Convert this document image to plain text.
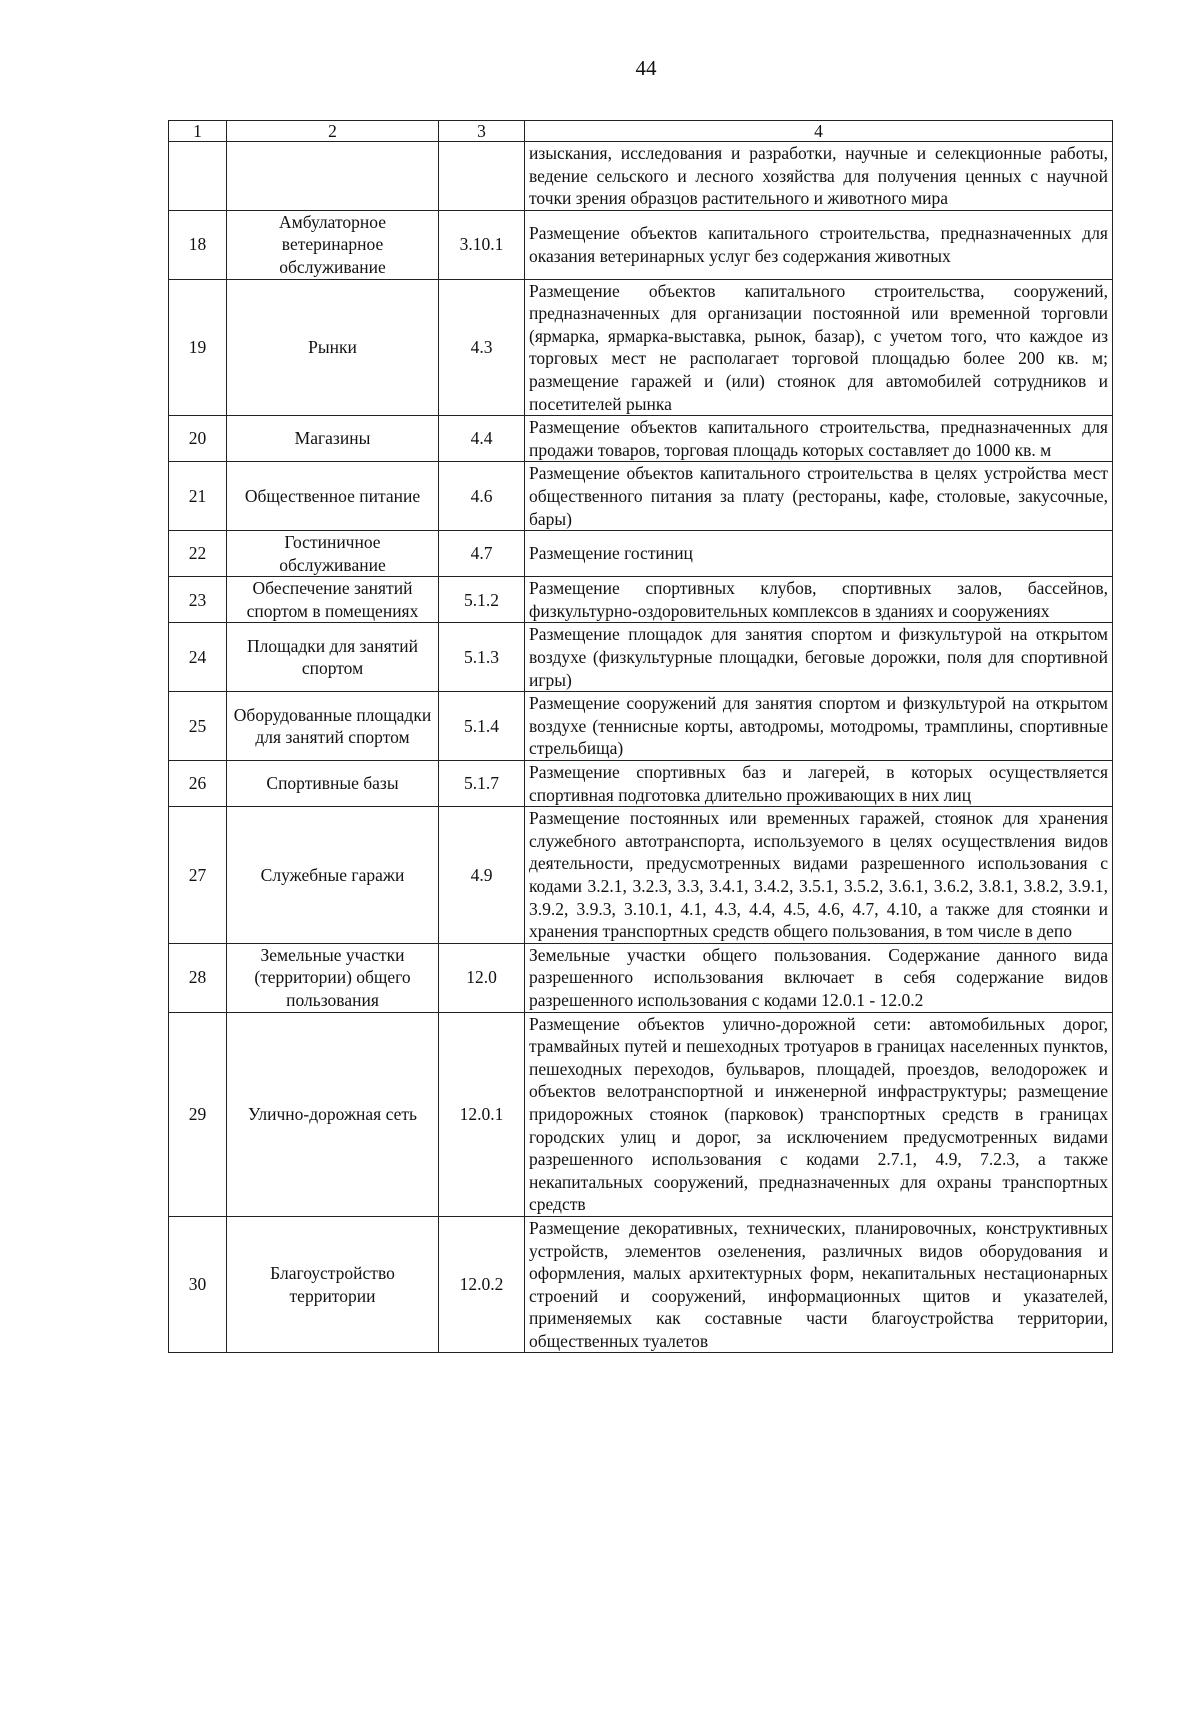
44
1	2	3	4
			изыскания, исследования и разработки, научные и селекционные работы, ведение сельского и лесного хозяйства для получения ценных с научной точки зрения образцов растительного и животного мира
18	Амбулаторное ветеринарное обслуживание	3.10.1	Размещение объектов капитального строительства, предназначенных для оказания ветеринарных услуг без содержания животных
19	Рынки	4.3	Размещение объектов капитального строительства, сооружений, предназначенных для организации постоянной или временной торговли (ярмарка, ярмарка-выставка, рынок, базар), с учетом того, что каждое из торговых мест не располагает торговой площадью более 200 кв. м; размещение гаражей и (или) стоянок для автомобилей сотрудников и посетителей рынка
20	Магазины	4.4	Размещение объектов капитального строительства, предназначенных для продажи товаров, торговая площадь которых составляет до 1000 кв. м
21	Общественное питание	4.6	Размещение объектов капитального строительства в целях устройства мест общественного питания за плату (рестораны, кафе, столовые, закусочные, бары)
22	Гостиничное обслуживание	4.7	Размещение гостиниц
23	Обеспечение занятий спортом в помещениях	5.1.2	Размещение спортивных клубов, спортивных залов, бассейнов, физкультурно-оздоровительных комплексов в зданиях и сооружениях
24	Площадки для занятий спортом	5.1.3	Размещение площадок для занятия спортом и физкультурой на открытом воздухе (физкультурные площадки, беговые дорожки, поля для спортивной игры)
25	Оборудованные площадки для занятий спортом	5.1.4	Размещение сооружений для занятия спортом и физкультурой на открытом воздухе (теннисные корты, автодромы, мотодромы, трамплины, спортивные стрельбища)
26	Спортивные базы	5.1.7	Размещение спортивных баз и лагерей, в которых осуществляется спортивная подготовка длительно проживающих в них лиц
27	Служебные гаражи	4.9	Размещение постоянных или временных гаражей, стоянок для хранения служебного автотранспорта, используемого в целях осуществления видов деятельности, предусмотренных видами разрешенного использования с кодами 3.2.1, 3.2.3, 3.3, 3.4.1, 3.4.2, 3.5.1, 3.5.2, 3.6.1, 3.6.2, 3.8.1, 3.8.2, 3.9.1, 3.9.2, 3.9.3, 3.10.1, 4.1, 4.3, 4.4, 4.5, 4.6, 4.7, 4.10, а также для стоянки и хранения транспортных средств общего пользования, в том числе в депо
28	Земельные участки (территории) общего пользования	12.0	Земельные участки общего пользования. Содержание данного вида разрешенного использования включает в себя содержание видов разрешенного использования с кодами 12.0.1 - 12.0.2
29	Улично-дорожная сеть	12.0.1	Размещение объектов улично-дорожной сети: автомобильных дорог, трамвайных путей и пешеходных тротуаров в границах населенных пунктов, пешеходных переходов, бульваров, площадей, проездов, велодорожек и объектов велотранспортной и инженерной инфраструктуры; размещение придорожных стоянок (парковок) транспортных средств в границах городских улиц и дорог, за исключением предусмотренных видами разрешенного использования с кодами 2.7.1, 4.9, 7.2.3, а также некапитальных сооружений, предназначенных для охраны транспортных средств
30	Благоустройство территории	12.0.2	Размещение декоративных, технических, планировочных, конструктивных устройств, элементов озеленения, различных видов оборудования и оформления, малых архитектурных форм, некапитальных нестационарных строений и сооружений, информационных щитов и указателей, применяемых как составные части благоустройства территории, общественных туалетов
